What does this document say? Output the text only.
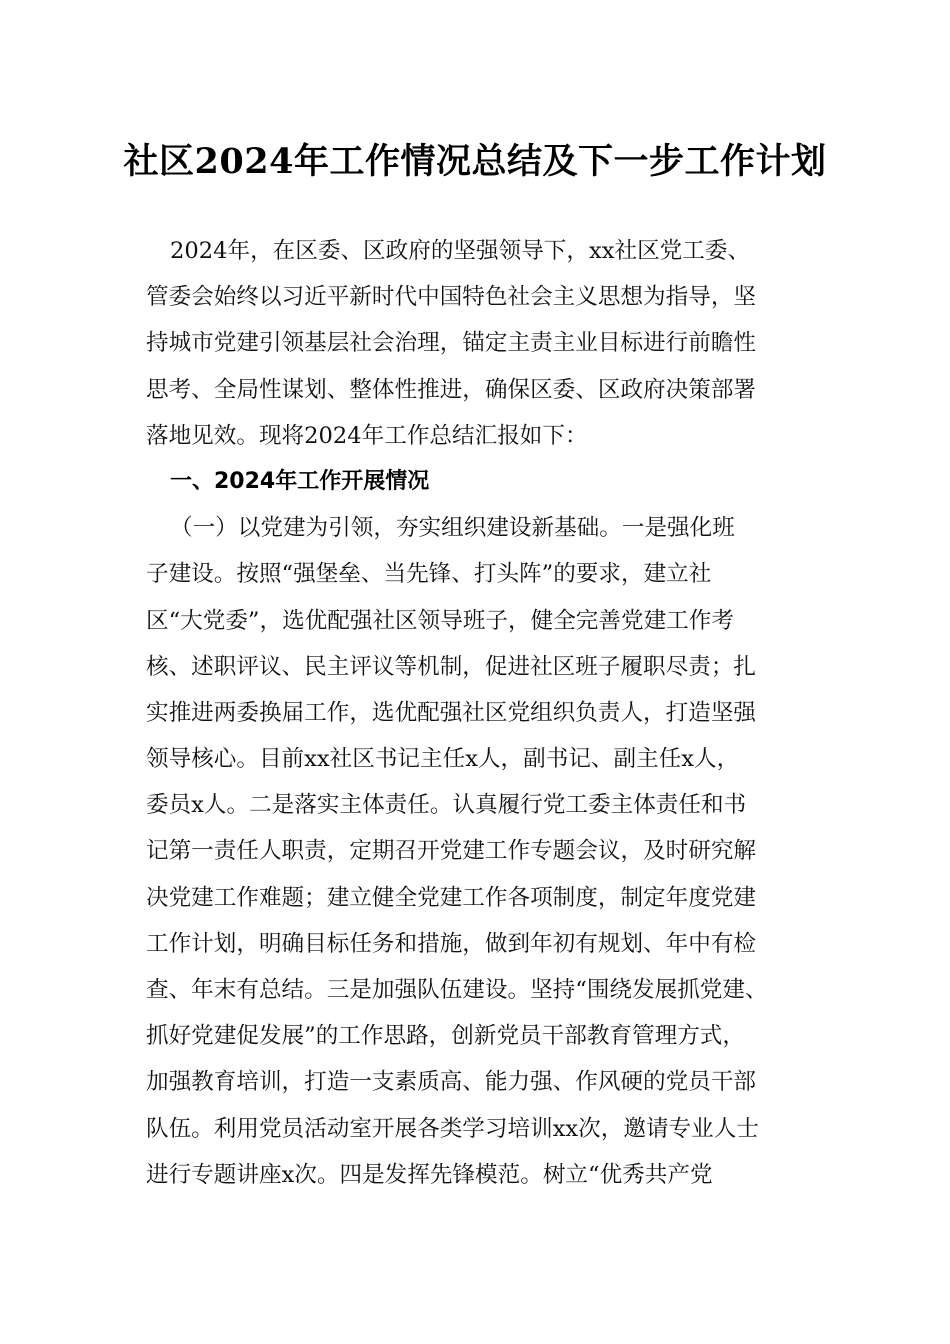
社区2024年工作情况总结及下一步工作计划
2024年，在区委、区政府的坚强领导下，xx社区党工委、
管委会始终以习近平新时代中国特色社会主义思想为指导，坚
持城市党建引领基层社会治理，锚定主责主业目标进行前瞻性
思考、全局性谋划、整体性推进，确保区委、区政府决策部署
落地见效。现将2024年工作总结汇报如下：
一、2024年工作开展情况
（一）以党建为引领，夯实组织建设新基础。一是强化班
子建设。按照“强堡垒、当先锋、打头阵”的要求，建立社
区“大党委”，选优配强社区领导班子，健全完善党建工作考
核、述职评议、民主评议等机制，促进社区班子履职尽责；扎
实推进两委换届工作，选优配强社区党组织负责人，打造坚强
领导核心。目前xx社区书记主任x人，副书记、副主任x人，
委员x人。二是落实主体责任。认真履行党工委主体责任和书
记第一责任人职责，定期召开党建工作专题会议，及时研究解
决党建工作难题；建立健全党建工作各项制度，制定年度党建
工作计划，明确目标任务和措施，做到年初有规划、年中有检
查、年末有总结。三是加强队伍建设。坚持“围绕发展抓党建、
抓好党建促发展”的工作思路，创新党员干部教育管理方式，
加强教育培训，打造一支素质高、能力强、作风硬的党员干部
队伍。利用党员活动室开展各类学习培训xx次，邀请专业人士
进行专题讲座x次。四是发挥先锋模范。树立“优秀共产党
